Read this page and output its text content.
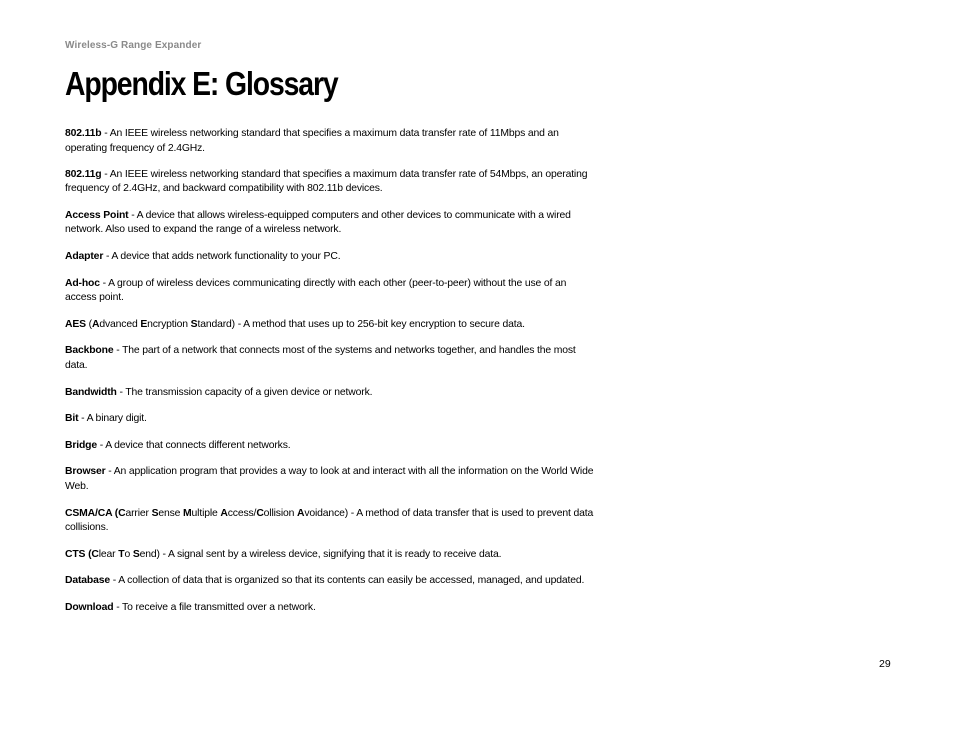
Wireless-G Range Expander
Appendix E: Glossary

802.11b - An IEEE wireless networking standard that specifies a maximum data transfer rate of 11Mbps and an operating frequency of 2.4GHz.

802.11g - An IEEE wireless networking standard that specifies a maximum data transfer rate of 54Mbps, an operating frequency of 2.4GHz, and backward compatibility with 802.11b devices.

Access Point - A device that allows wireless-equipped computers and other devices to communicate with a wired network. Also used to expand the range of a wireless network.

Adapter - A device that adds network functionality to your PC.

Ad-hoc - A group of wireless devices communicating directly with each other (peer-to-peer) without the use of an access point.

AES (Advanced Encryption Standard) - A method that uses up to 256-bit key encryption to secure data.

Backbone - The part of a network that connects most of the systems and networks together, and handles the most data.

Bandwidth - The transmission capacity of a given device or network.

Bit - A binary digit.

Bridge - A device that connects different networks.

Browser - An application program that provides a way to look at and interact with all the information on the World Wide Web.

CSMA/CA (Carrier Sense Multiple Access/Collision Avoidance) - A method of data transfer that is used to prevent data collisions.

CTS (Clear To Send) - A signal sent by a wireless device, signifying that it is ready to receive data.

Database - A collection of data that is organized so that its contents can easily be accessed, managed, and updated.

Download - To receive a file transmitted over a network.

29
